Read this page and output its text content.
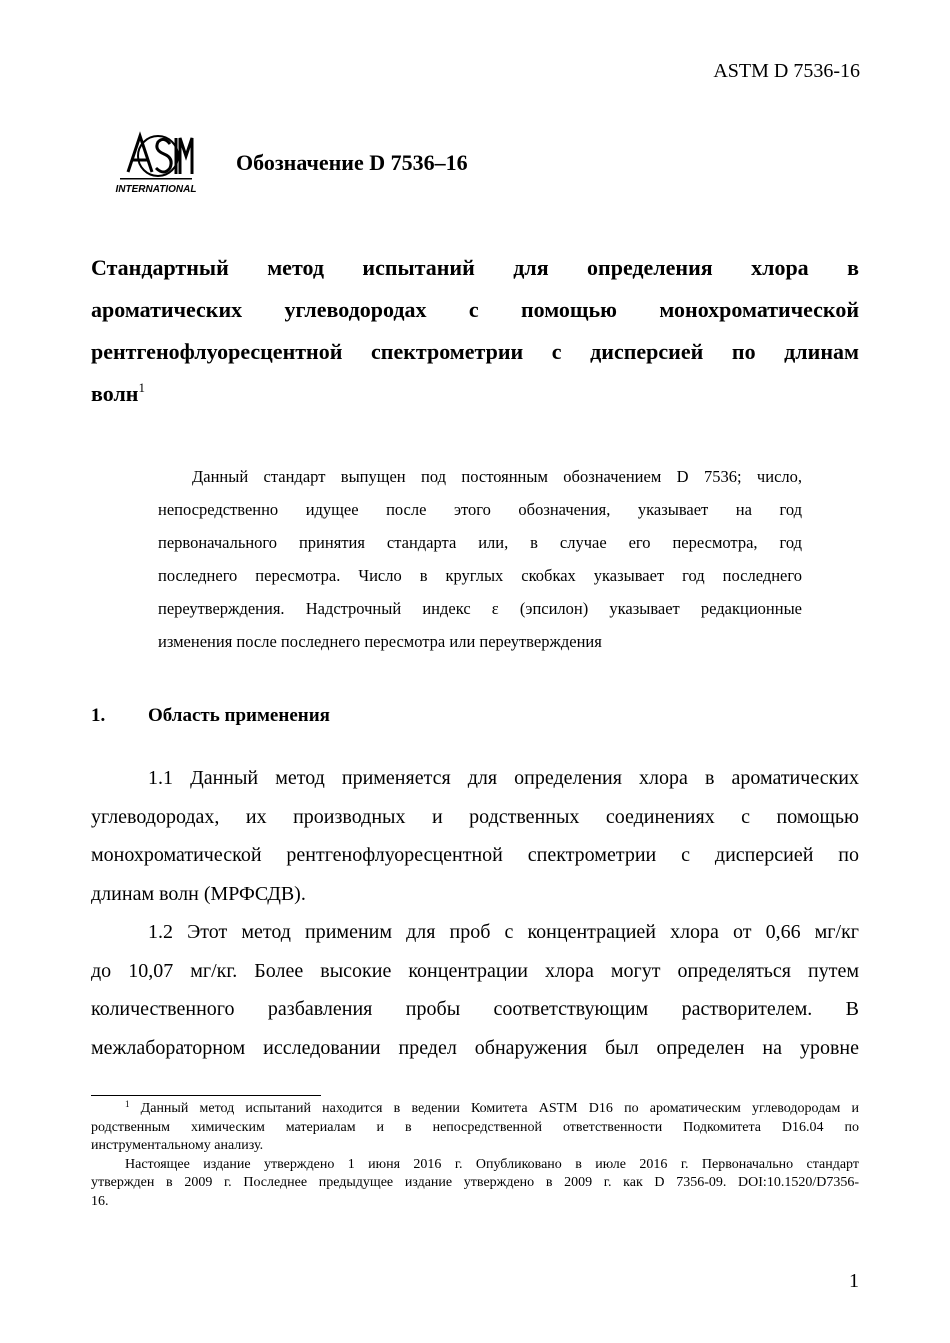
ASTM D 7536-16
INTERNATIONAL
Обозначение D 7536–16
Стандартный метод испытаний для определения хлора в
ароматических углеводородах с помощью монохроматической
рентгенофлуоресцентной спектрометрии с дисперсией по длинам
волн$^1$
Данный стандарт выпущен под постоянным обозначением D 7536; число,
непосредственно идущее после этого обозначения, указывает на год
первоначального принятия стандарта или, в случае его пересмотра, год
последнего пересмотра. Число в круглых скобках указывает год последнего
переутверждения. Надстрочный индекс ε (эпсилон) указывает редакционные
изменения после последнего пересмотра или переутверждения
1. Область применения
1.1 Данный метод применяется для определения хлора в ароматических
углеводородах, их производных и родственных соединениях с помощью
монохроматической рентгенофлуоресцентной спектрометрии с дисперсией по
длинам волн (МРФСДВ).
1.2 Этот метод применим для проб с концентрацией хлора от 0,66 мг/кг
до 10,07 мг/кг. Более высокие концентрации хлора могут определяться путем
количественного разбавления пробы соответствующим растворителем. В
межлабораторном исследовании предел обнаружения был определен на уровне
$^1$ Данный метод испытаний находится в ведении Комитета ASTM D16 по ароматическим углеводородам и
родственным химическим материалам и в непосредственной ответственности Подкомитета D16.04 по
инструментальному анализу.
Настоящее издание утверждено 1 июня 2016 г. Опубликовано в июле 2016 г. Первоначально стандарт
утвержден в 2009 г. Последнее предыдущее издание утверждено в 2009 г. как D 7356-09. DOI:10.1520/D7356-
16.
1
